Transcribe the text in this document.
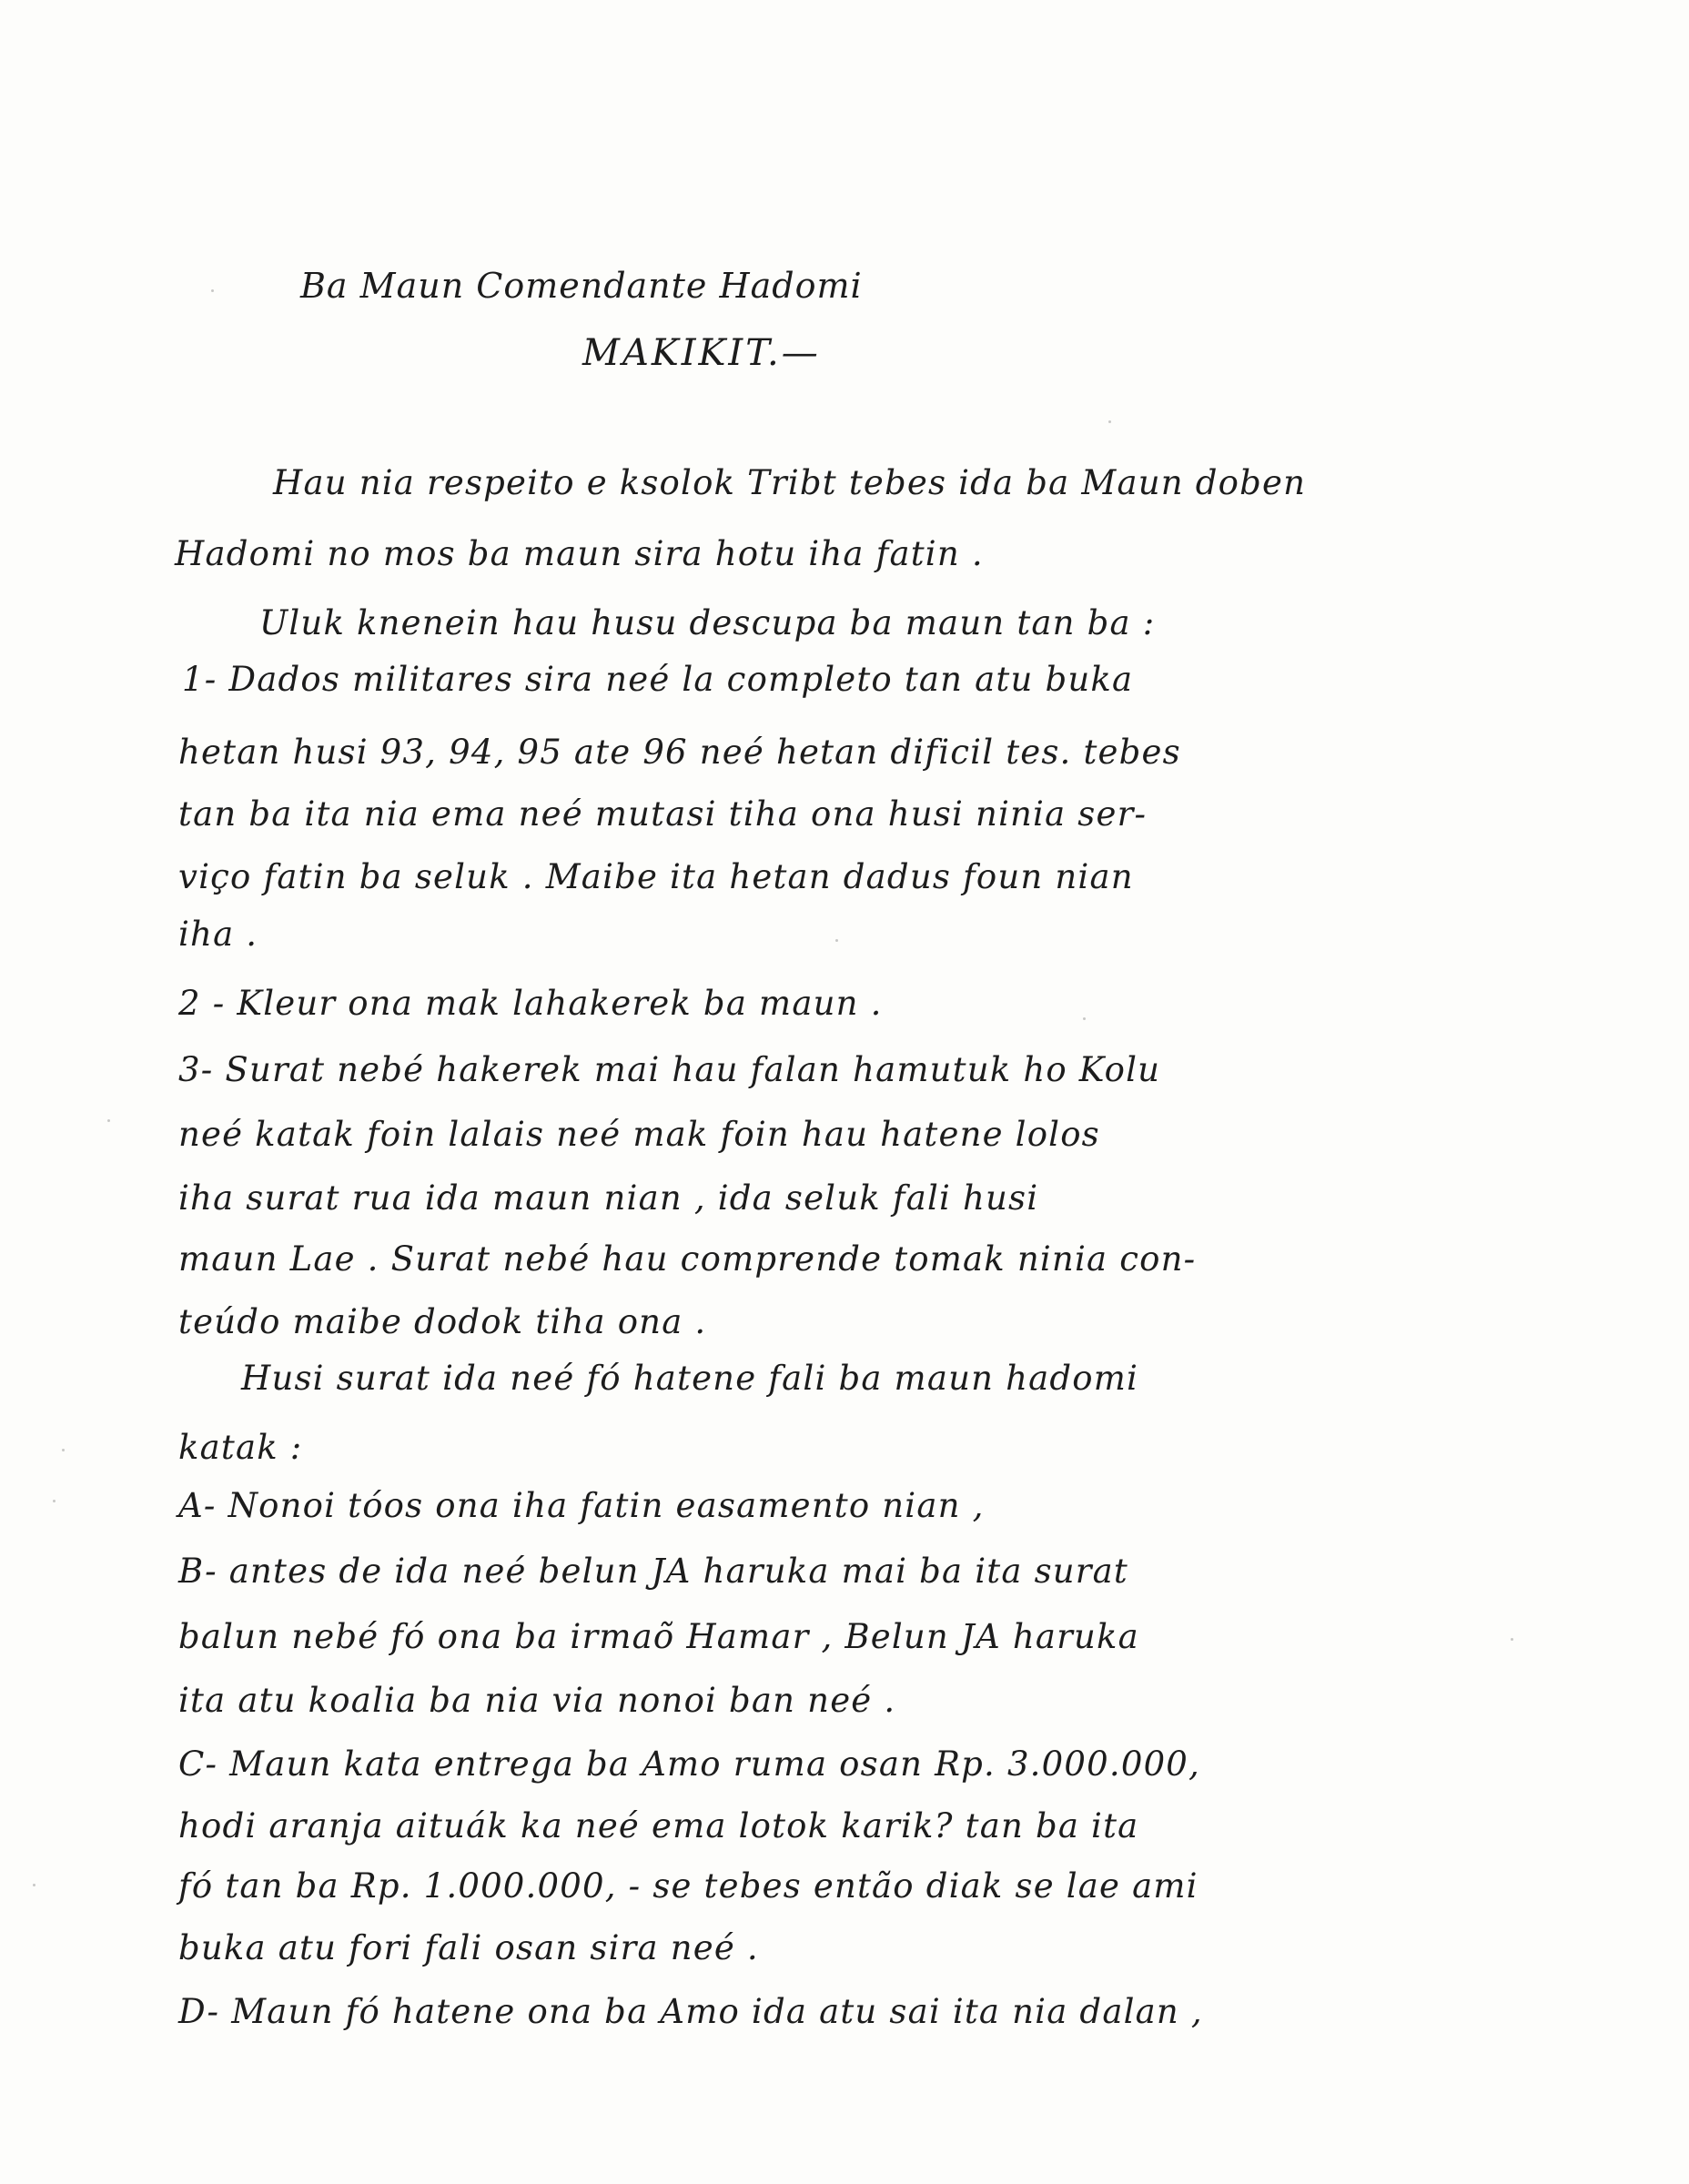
Ba Maun Comendante Hadomi
MAKIKIT.—
Hau nia respeito e ksolok Tribt tebes ida ba Maun doben
Hadomi no mos ba maun sira hotu iha fatin .
Uluk knenein hau husu descupa ba maun tan ba :
1- Dados militares sira neé la completo tan atu buka
hetan husi 93, 94, 95 ate 96 neé hetan dificil tes. tebes
tan ba ita nia ema neé mutasi tiha ona husi ninia ser-
viço fatin ba seluk . Maibe ita hetan dadus foun nian
iha .
2 - Kleur ona mak lahakerek ba maun .
3- Surat nebé hakerek mai hau falan hamutuk ho Kolu
neé katak foin lalais neé mak foin hau hatene lolos
iha surat rua ida maun nian , ida seluk fali husi
maun Lae . Surat nebé hau comprende tomak ninia con-
teúdo maibe dodok tiha ona .
Husi surat ida neé fó hatene fali ba maun hadomi
katak :
A- Nonoi tóos ona iha fatin easamento nian ,
B- antes de ida neé belun JA haruka mai ba ita surat
balun nebé fó ona ba irmaõ Hamar , Belun JA haruka
ita atu koalia ba nia via nonoi ban neé .
C- Maun kata entrega ba Amo ruma osan Rp. 3.000.000,
hodi aranja aituák ka neé ema lotok karik? tan ba ita
fó tan ba Rp. 1.000.000, - se tebes então diak se lae ami
buka atu fori fali osan sira neé .
D- Maun fó hatene ona ba Amo ida atu sai ita nia dalan ,
